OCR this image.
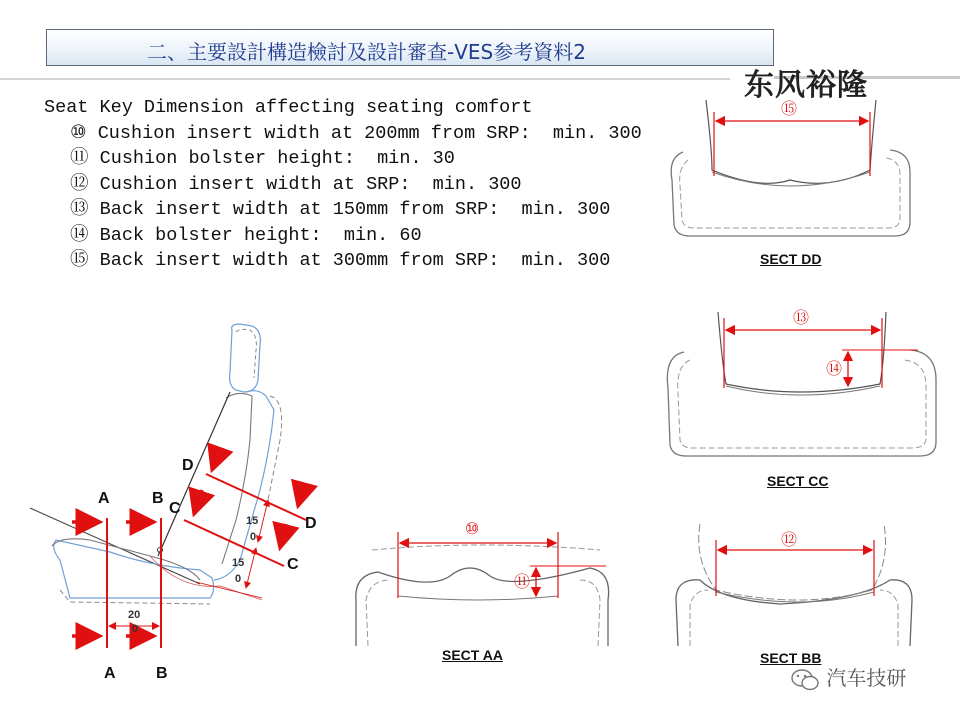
二、主要設計構造檢討及設計審查-VES参考資料2
东风裕隆
Seat Key Dimension affecting seating comfort
⑩ Cushion insert width at 200mm from SRP:  min. 300
⑪ Cushion bolster height:  min. 30
⑫ Cushion insert width at SRP:  min. 300
⑬ Back insert width at 150mm from SRP:  min. 300
⑭ Back bolster height:  min. 60
⑮ Back insert width at 300mm from SRP:  min. 300
⑮
⑬
⑭
⑩
⑪
⑫
A	B
A	B
D
D
C
C
20
0
15
0
15
0
SECT DD
SECT CC
SECT AA	SECT BB
汽车技研
